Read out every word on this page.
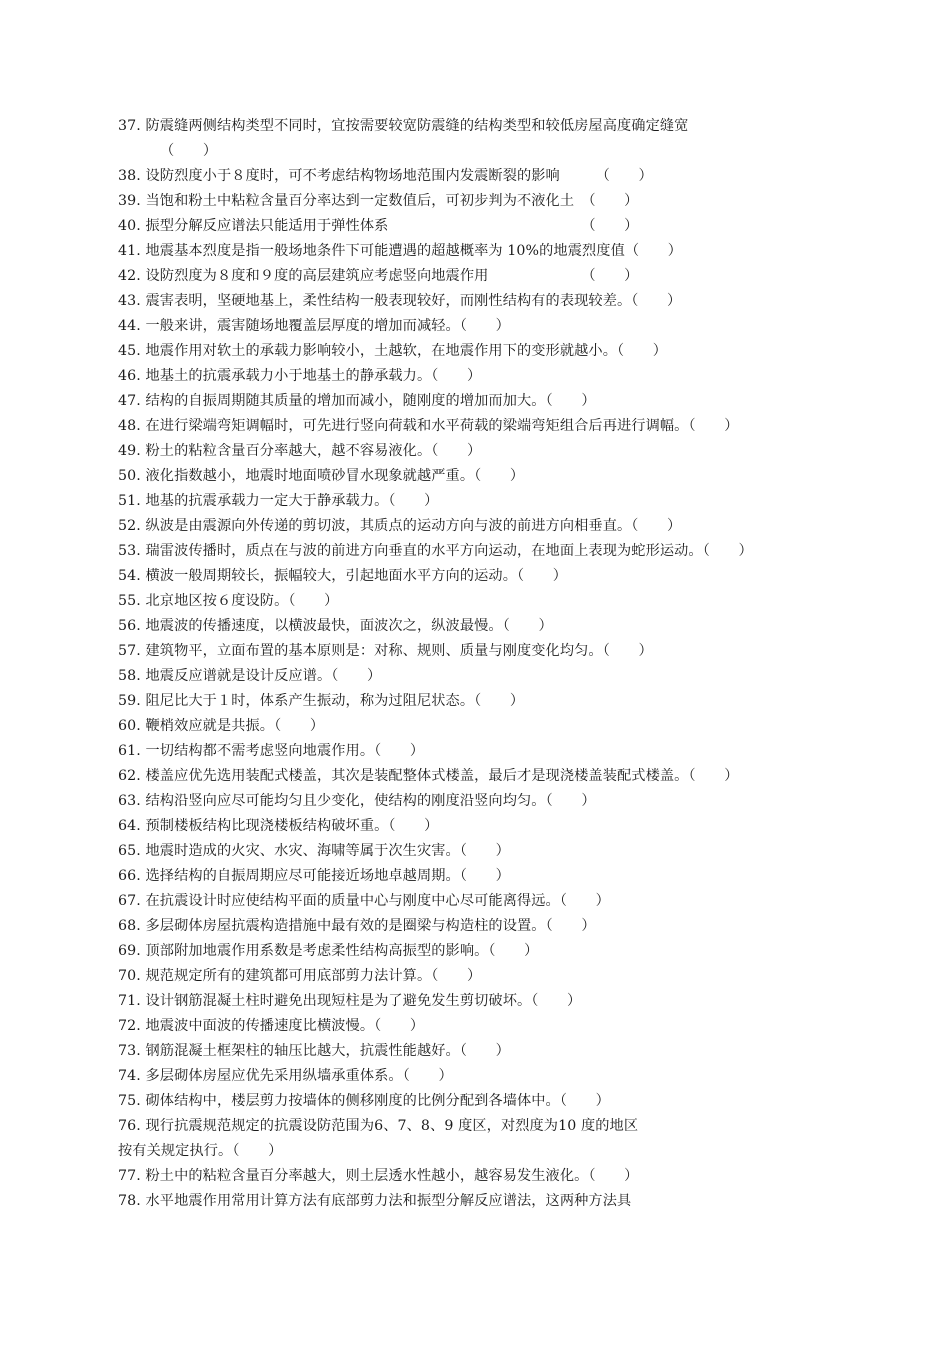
37. 防震缝两侧结构类型不同时，宜按需要较宽防震缝的结构类型和较低房屋高度确定缝宽
（　　）
38. 设防烈度小于８度时，可不考虑结构物场地范围内发震断裂的影响　　　（　　）
39. 当饱和粉土中粘粒含量百分率达到一定数值后，可初步判为不液化土　（　　）
40. 振型分解反应谱法只能适用于弹性体系　　　　　　　　　　　　　　（　　）
41. 地震基本烈度是指一般场地条件下可能遭遇的超越概率为 10%的地震烈度值（　　）
42. 设防烈度为８度和９度的高层建筑应考虑竖向地震作用　　　　　　　（　　）
43. 震害表明，坚硬地基上，柔性结构一般表现较好，而刚性结构有的表现较差。（　　）
44. 一般来讲，震害随场地覆盖层厚度的增加而减轻。（　　）
45. 地震作用对软土的承载力影响较小，土越软，在地震作用下的变形就越小。（　　）
46. 地基土的抗震承载力小于地基土的静承载力。（　　）
47. 结构的自振周期随其质量的增加而减小，随刚度的增加而加大。（　　）
48. 在进行梁端弯矩调幅时，可先进行竖向荷载和水平荷载的梁端弯矩组合后再进行调幅。（　　）
49. 粉土的粘粒含量百分率越大，越不容易液化。（　　）
50. 液化指数越小，地震时地面喷砂冒水现象就越严重。（　　）
51. 地基的抗震承载力一定大于静承载力。（　　）
52. 纵波是由震源向外传递的剪切波，其质点的运动方向与波的前进方向相垂直。（　　）
53. 瑞雷波传播时，质点在与波的前进方向垂直的水平方向运动，在地面上表现为蛇形运动。（　　）
54. 横波一般周期较长，振幅较大，引起地面水平方向的运动。（　　）
55. 北京地区按６度设防。（　　）
56. 地震波的传播速度，以横波最快，面波次之，纵波最慢。（　　）
57. 建筑物平，立面布置的基本原则是：对称、规则、质量与刚度变化均匀。（　　）
58. 地震反应谱就是设计反应谱。（　　）
59. 阻尼比大于１时，体系产生振动，称为过阻尼状态。（　　）
60. 鞭梢效应就是共振。（　　）
61. 一切结构都不需考虑竖向地震作用。（　　）
62. 楼盖应优先选用装配式楼盖，其次是装配整体式楼盖，最后才是现浇楼盖装配式楼盖。（　　）
63. 结构沿竖向应尽可能均匀且少变化，使结构的刚度沿竖向均匀。（　　）
64. 预制楼板结构比现浇楼板结构破坏重。（　　）
65. 地震时造成的火灾、水灾、海啸等属于次生灾害。（　　）
66. 选择结构的自振周期应尽可能接近场地卓越周期。（　　）
67. 在抗震设计时应使结构平面的质量中心与刚度中心尽可能离得远。（　　）
68. 多层砌体房屋抗震构造措施中最有效的是圈梁与构造柱的设置。（　　）
69. 顶部附加地震作用系数是考虑柔性结构高振型的影响。（　　）
70. 规范规定所有的建筑都可用底部剪力法计算。（　　）
71. 设计钢筋混凝土柱时避免出现短柱是为了避免发生剪切破坏。（　　）
72. 地震波中面波的传播速度比横波慢。（　　）
73. 钢筋混凝土框架柱的轴压比越大，抗震性能越好。（　　）
74. 多层砌体房屋应优先采用纵墙承重体系。（　　）
75. 砌体结构中，楼层剪力按墙体的侧移刚度的比例分配到各墙体中。（　　）
76. 现行抗震规范规定的抗震设防范围为6、7、8、9 度区，对烈度为10 度的地区
按有关规定执行。（　　）
77. 粉土中的粘粒含量百分率越大，则土层透水性越小，越容易发生液化。（　　）
78. 水平地震作用常用计算方法有底部剪力法和振型分解反应谱法，这两种方法具
